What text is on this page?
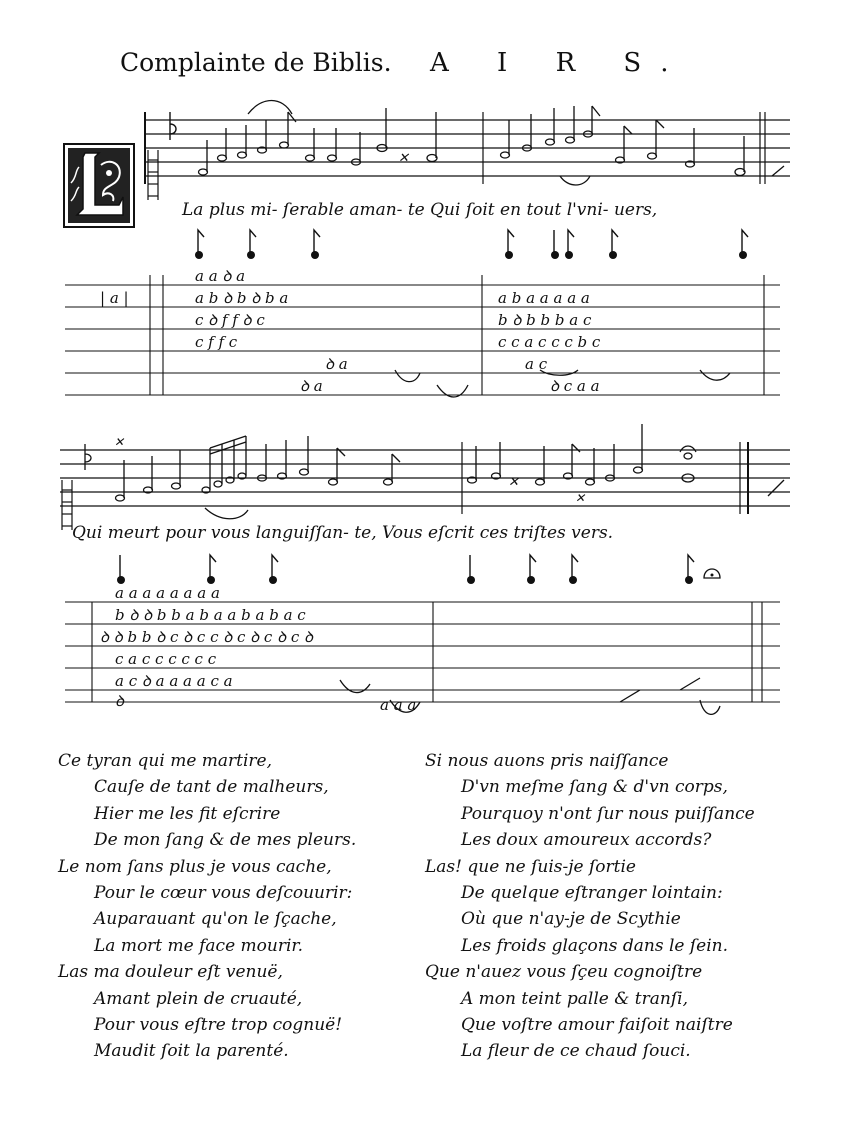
Complainte de Biblis. A I R S.
✕
La plus mi- ſerable aman- te Qui ſoit en tout l'vni- uers,
a a ꝺ a
| a |	a b ꝺ b ꝺ b a
c ꝺ f f ꝺ c
c f f c
ꝺ a
ꝺ a
a b a a a a a
b ꝺ b b b a c
c c a c c c b c
a c
ꝺ c a a
✕
✕
✕
Qui meurt pour vous languiſſan- te, Vous eſcrit ces triſtes vers.
a a a a a a a a
b ꝺ ꝺ b b a b a a b a b a c
ꝺ ꝺ b b ꝺ c ꝺ c c ꝺ c ꝺ c ꝺ c ꝺ
c a c c c c c c
a c ꝺ a a a a c a
a a a
ꝺ
Ce tyran qui me martire,
Cauſe de tant de malheurs,
Hier me les fit eſcrire
De mon ſang & de mes pleurs.
Le nom ſans plus je vous cache,
Pour le cœur vous deſcouurir:
Auparauant qu'on le ſçache,
La mort me face mourir.
Las ma douleur eſt venuë,
Amant plein de cruauté,
Pour vous eſtre trop cognuë!
Maudit ſoit la parenté.
Si nous auons pris naiſſance
D'vn meſme ſang & d'vn corps,
Pourquoy n'ont ſur nous puiſſance
Les doux amoureux accords?
Las! que ne ſuis-je ſortie
De quelque eſtranger lointain:
Où que n'ay-je de Scythie
Les froids glaçons dans le ſein.
Que n'auez vous ſçeu cognoiſtre
A mon teint palle & tranſi,
Que voſtre amour faiſoit naiſtre
La fleur de ce chaud ſouci.
